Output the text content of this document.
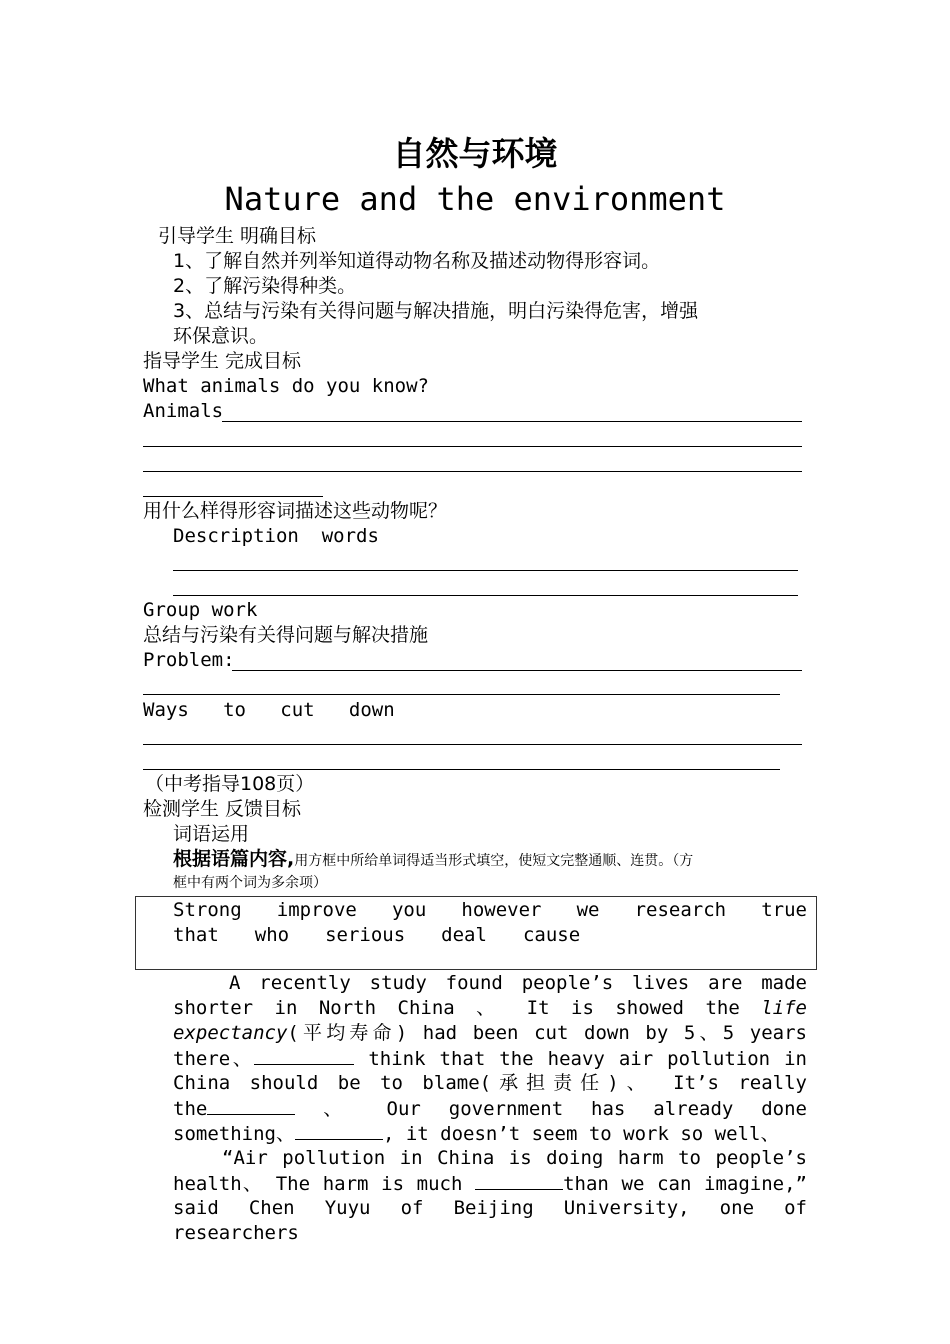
自然与环境
Nature and the environment
引导学生 明确目标
1、了解自然并列举知道得动物名称及描述动物得形容词。
2、了解污染得种类。
3、总结与污染有关得问题与解决措施，明白污染得危害，增强
环保意识。
指导学生 完成目标
What animals do you know?
Animals
用什么样得形容词描述这些动物呢？
Description  words
Group work
总结与污染有关得问题与解决措施
Problem:
Ways   to   cut   down
（中考指导108页）
检测学生 反馈目标
词语运用
根据语篇内容,用方框中所给单词得适当形式填空，使短文完整通顺、连贯。（方
框中有两个词为多余项）
Strong improve you however we research true
that who serious deal cause
A recently study found people’s lives are made
shorter in North China 、 It is showed the life
expectancy(平均寿命) had been cut down by 5、5 years
there、	think that the heavy air pollution in
China should be to blame(承担责任)、 It’s really
the	、 Our government has already done
something、	, it doesn’t seem to work so well、
“Air pollution in China is doing harm to people’s
health、 The harm is much	than we can imagine,”
said Chen Yuyu of Beijing University, one of researchers
